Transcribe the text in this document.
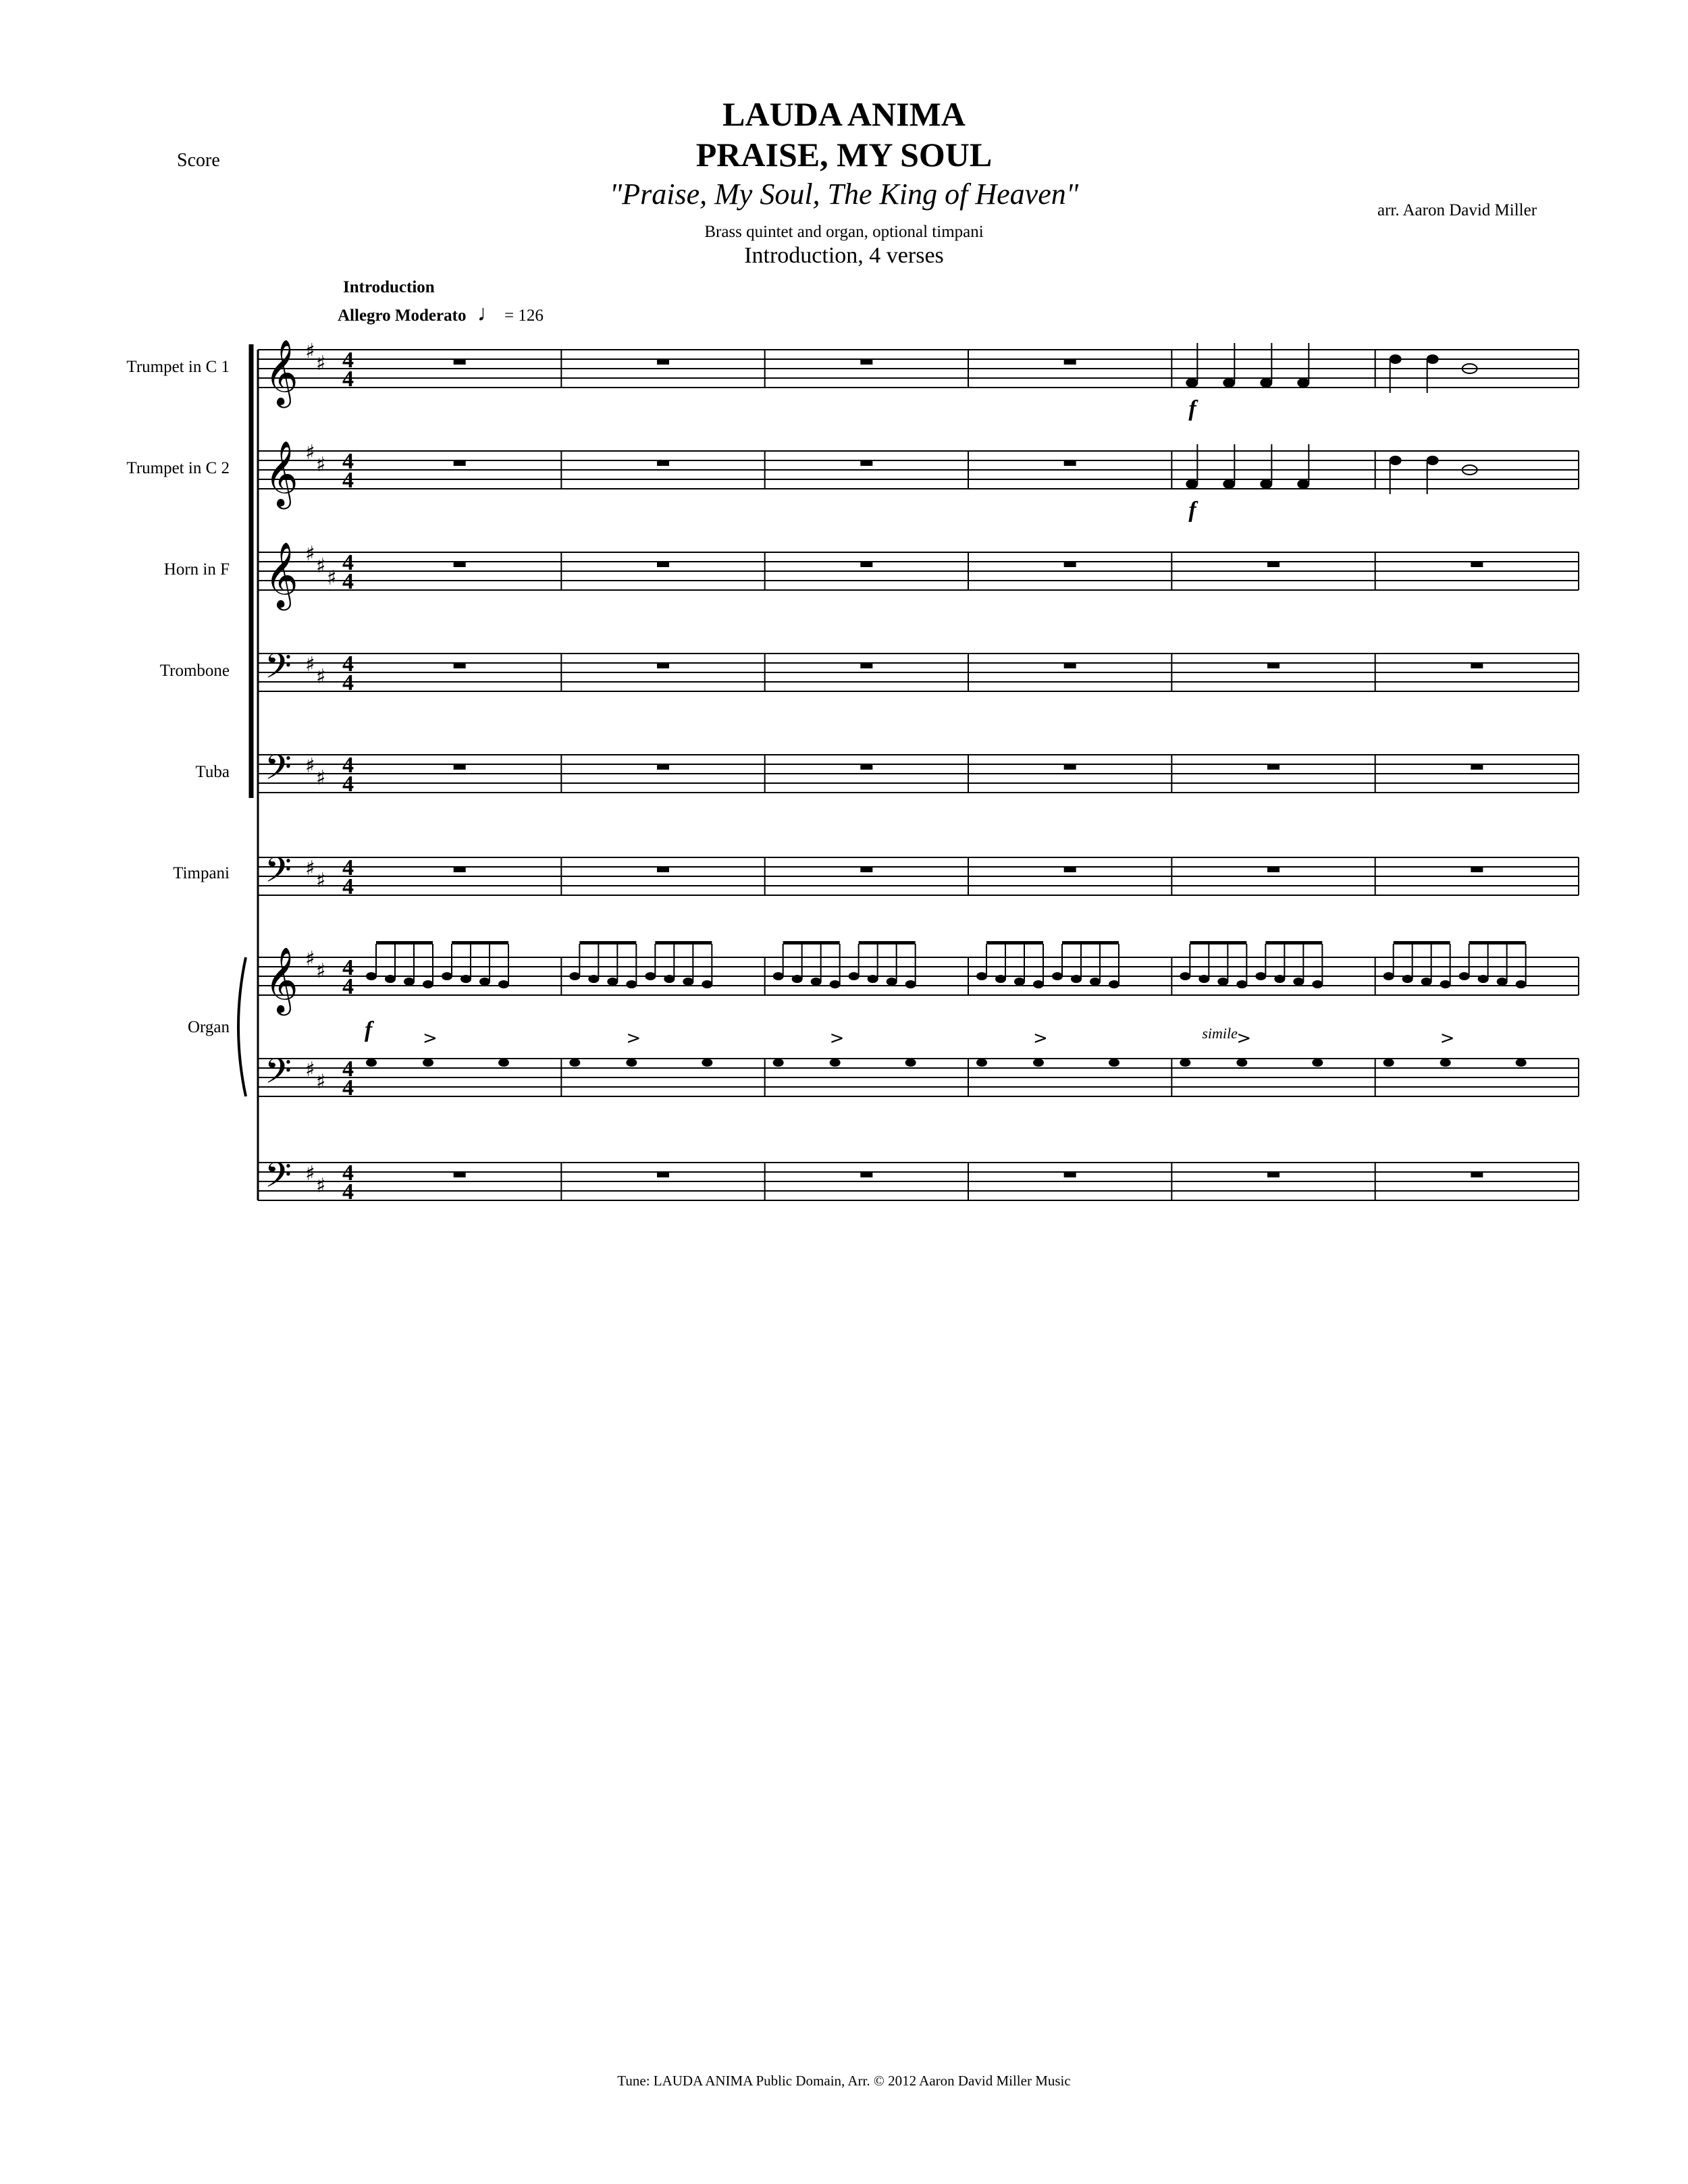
Score
LAUDA ANIMA
PRAISE, MY SOUL
"Praise, My Soul, The King of Heaven"
Brass quintet and organ, optional timpani
Introduction, 4 verses
arr. Aaron David Miller
Introduction
Allegro Moderato ♩ = 126
Trumpet in C 1
Trumpet in C 2
Horn in F
Trombone
Tuba
Timpani
Organ
𝄞 ♯
♯ 4
4
𝄞 ♯
♯ 4
4
𝄞 ♯
♯
♯
4
4
𝄢 ♯
♯
4
4
𝄢 ♯
♯
4
4
𝄢 ♯
♯
4
4
𝄞 ♯
♯ 4
4
𝄢 ♯
♯
4
4
𝄢 ♯
♯
4
4
f
f
>	>	>	>	>	>
f	simile
Tune: LAUDA ANIMA Public Domain, Arr. © 2012 Aaron David Miller Music
